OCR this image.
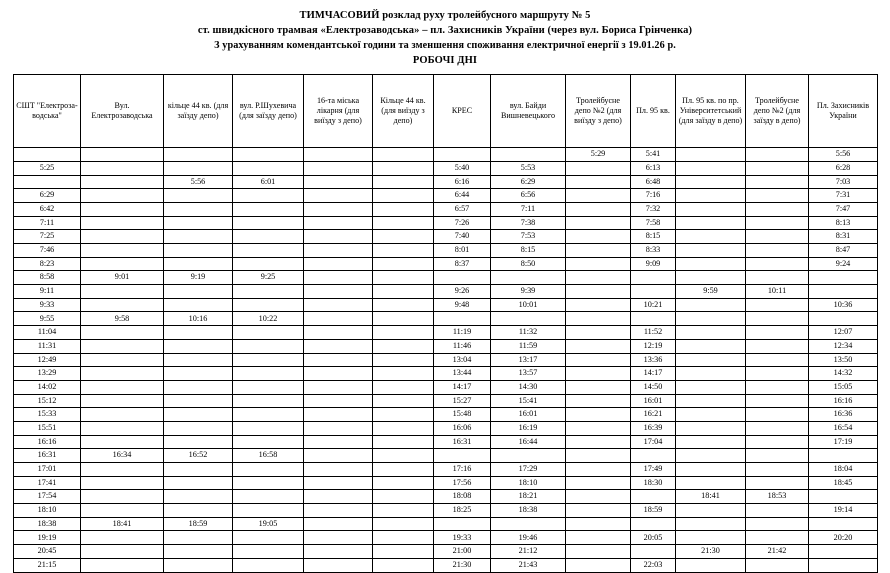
ТИМЧАСОВИЙ розклад руху тролейбусного маршруту № 5
ст. швидкісного трамвая «Електрозаводська» – пл. Захисників України (через вул. Бориса Грінченка)
З урахуванням комендантської години та зменшення споживання електричної енергії з 19.01.26 р.
РОБОЧІ ДНІ
СШТ "Електроза-
водська"	Вул. Електрозаводська	кільце 44 кв. (для заїзду депо)	вул. Р.Шухевича (для заїзду депо)	16-та міська лікарня (для виїзду з депо)	Кільце 44 кв. (для виїзду з депо)	КРЕС	вул. Байди Вишневецького	Тролейбусне депо №2 (для виїзду з депо)	Пл. 95 кв.	Пл. 95 кв. по пр. Університетський (для заїзду в депо)	Тролейбусне депо №2 (для заїзду в депо)	Пл. Захисників України
								5:29	5:41			5:56
5:25						5:40	5:53		6:13			6:28
		5:56	6:01			6:16	6:29		6:48			7:03
6:29						6:44	6:56		7:16			7:31
6:42						6:57	7:11		7:32			7:47
7:11						7:26	7:38		7:58			8:13
7:25						7:40	7:53		8:15			8:31
7:46						8:01	8:15		8:33			8:47
8:23						8:37	8:50		9:09			9:24
8:58	9:01	9:19	9:25									
9:11						9:26	9:39			9:59	10:11	
9:33						9:48	10:01		10:21			10:36
9:55	9:58	10:16	10:22									
11:04						11:19	11:32		11:52			12:07
11:31						11:46	11:59		12:19			12:34
12:49						13:04	13:17		13:36			13:50
13:29						13:44	13:57		14:17			14:32
14:02						14:17	14:30		14:50			15:05
15:12						15:27	15:41		16:01			16:16
15:33						15:48	16:01		16:21			16:36
15:51						16:06	16:19		16:39			16:54
16:16						16:31	16:44		17:04			17:19
16:31	16:34	16:52	16:58									
17:01						17:16	17:29		17:49			18:04
17:41						17:56	18:10		18:30			18:45
17:54						18:08	18:21			18:41	18:53	
18:10						18:25	18:38		18:59			19:14
18:38	18:41	18:59	19:05									
19:19						19:33	19:46		20:05			20:20
20:45						21:00	21:12			21:30	21:42	
21:15						21:30	21:43		22:03			
